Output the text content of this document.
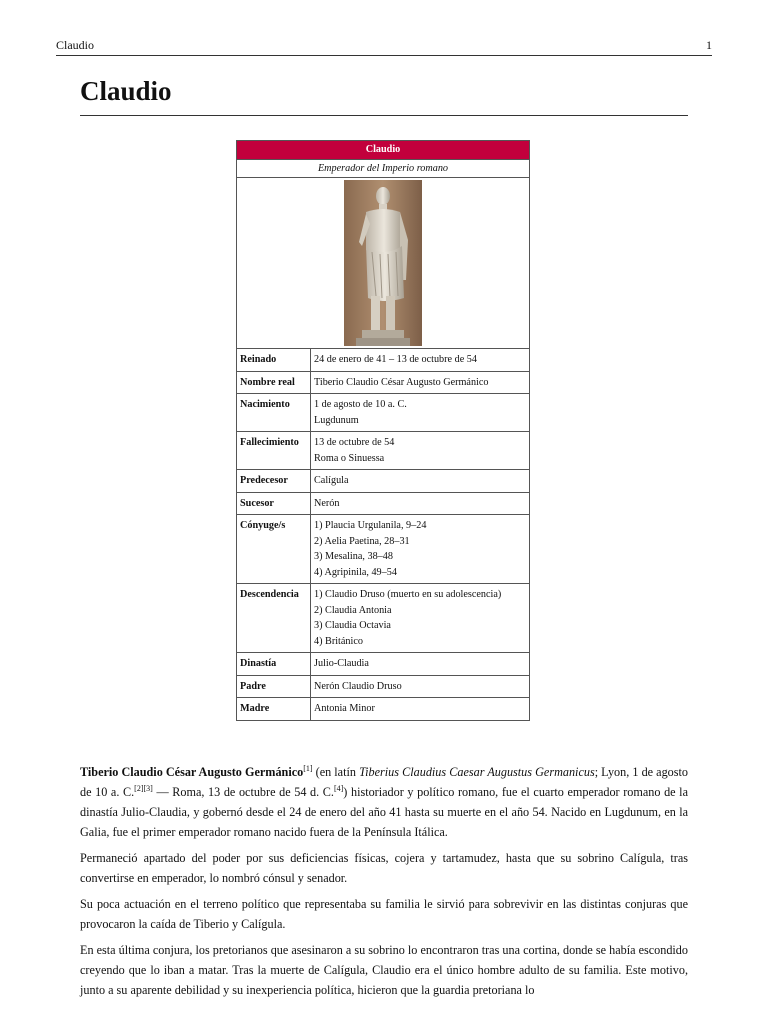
Claudio	1
Claudio
Claudio	
Emperador del Imperio romano	

Reinado	24 de enero de 41 – 13 de octubre de 54

Nombre real	Tiberio Claudio César Augusto Germánico

Nacimiento	1 de agosto de 10 a. C.
Lugdunum

Fallecimiento	13 de octubre de 54
Roma o Sinuessa

Predecesor	Calígula

Sucesor	Nerón

Cónyuge/s	1) Plaucia Urgulanila, 9–24
2) Aelia Paetina, 28–31
3) Mesalina, 38–48
4) Agripinila, 49–54

Descendencia	1) Claudio Druso (muerto en su adolescencia)
2) Claudia Antonia
3) Claudia Octavia
4) Británico

Dinastía	Julio-Claudia

Padre	Nerón Claudio Druso

Madre	Antonia Minor

Tiberio Claudio César Augusto Germánico[1] (en latín Tiberius Claudius Caesar Augustus Germanicus; Lyon, 1 de agosto de 10 a. C.[2][3] — Roma, 13 de octubre de 54 d. C.[4]) historiador y político romano, fue el cuarto emperador romano de la dinastía Julio-Claudia, y gobernó desde el 24 de enero del año 41 hasta su muerte en el año 54. Nacido en Lugdunum, en la Galia, fue el primer emperador romano nacido fuera de la Península Itálica.

Permaneció apartado del poder por sus deficiencias físicas, cojera y tartamudez, hasta que su sobrino Calígula, tras convertirse en emperador, lo nombró cónsul y senador.

Su poca actuación en el terreno político que representaba su familia le sirvió para sobrevivir en las distintas conjuras que provocaron la caída de Tiberio y Calígula.

En esta última conjura, los pretorianos que asesinaron a su sobrino lo encontraron tras una cortina, donde se había escondido creyendo que lo iban a matar. Tras la muerte de Calígula, Claudio era el único hombre adulto de su familia. Este motivo, junto a su aparente debilidad y su inexperiencia política, hicieron que la guardia pretoriana lo
